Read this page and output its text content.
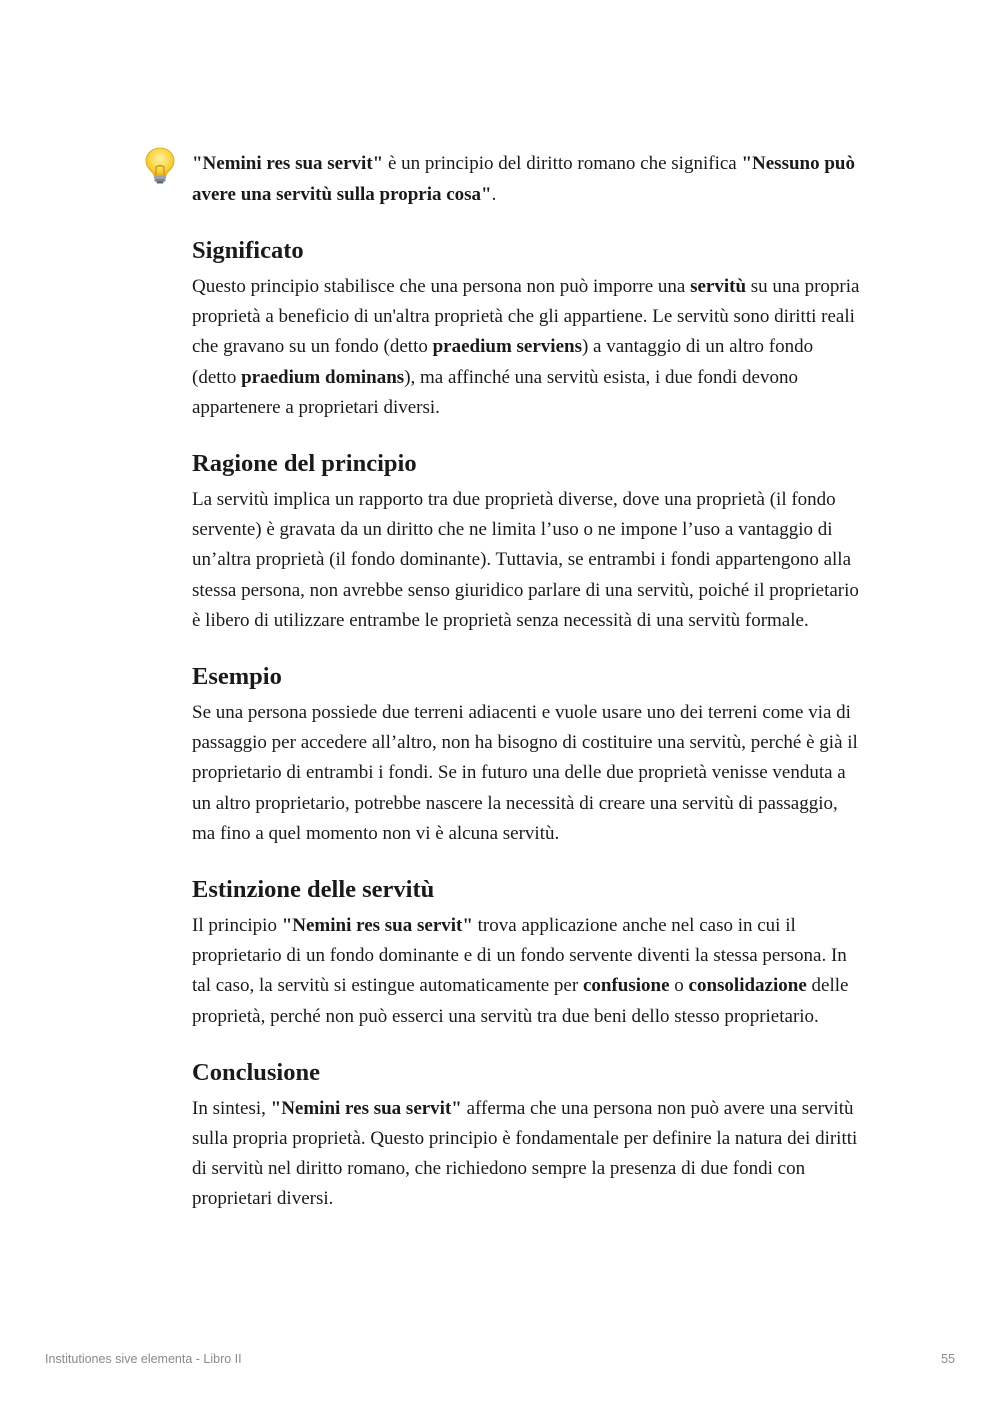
"Nemini res sua servit" è un principio del diritto romano che significa "Nessuno può avere una servitù sulla propria cosa".

Significato

Questo principio stabilisce che una persona non può imporre una servitù su una propria proprietà a beneficio di un'altra proprietà che gli appartiene. Le servitù sono diritti reali che gravano su un fondo (detto praedium serviens) a vantaggio di un altro fondo (detto praedium dominans), ma affinché una servitù esista, i due fondi devono appartenere a proprietari diversi.

Ragione del principio

La servitù implica un rapporto tra due proprietà diverse, dove una proprietà (il fondo servente) è gravata da un diritto che ne limita l’uso o ne impone l’uso a vantaggio di un’altra proprietà (il fondo dominante). Tuttavia, se entrambi i fondi appartengono alla stessa persona, non avrebbe senso giuridico parlare di una servitù, poiché il proprietario è libero di utilizzare entrambe le proprietà senza necessità di una servitù formale.

Esempio

Se una persona possiede due terreni adiacenti e vuole usare uno dei terreni come via di passaggio per accedere all’altro, non ha bisogno di costituire una servitù, perché è già il proprietario di entrambi i fondi. Se in futuro una delle due proprietà venisse venduta a un altro proprietario, potrebbe nascere la necessità di creare una servitù di passaggio, ma fino a quel momento non vi è alcuna servitù.

Estinzione delle servitù

Il principio "Nemini res sua servit" trova applicazione anche nel caso in cui il proprietario di un fondo dominante e di un fondo servente diventi la stessa persona. In tal caso, la servitù si estingue automaticamente per confusione o consolidazione delle proprietà, perché non può esserci una servitù tra due beni dello stesso proprietario.

Conclusione

In sintesi, "Nemini res sua servit" afferma che una persona non può avere una servitù sulla propria proprietà. Questo principio è fondamentale per definire la natura dei diritti di servitù nel diritto romano, che richiedono sempre la presenza di due fondi con proprietari diversi.

Institutiones sive elementa - Libro II	55
